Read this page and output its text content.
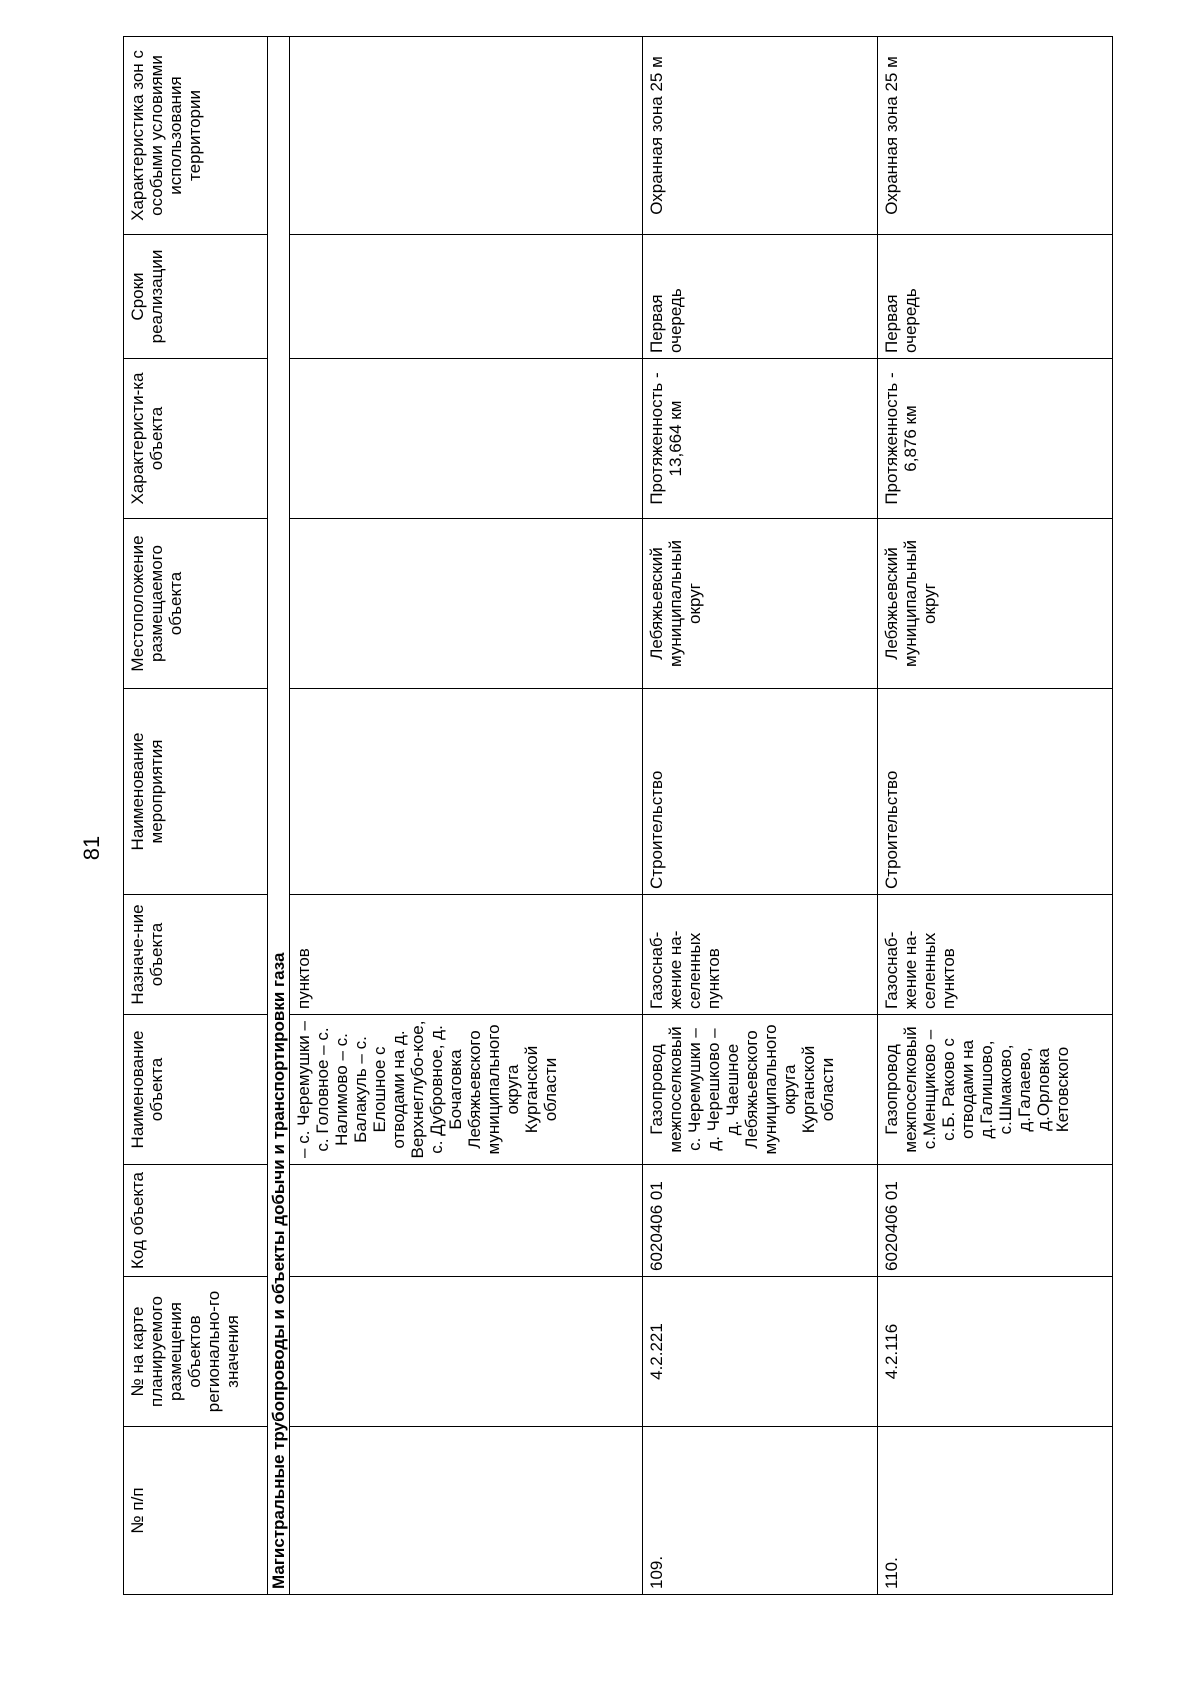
81
№ п/п	№ на карте планируемого размещения объектов регионально-го значения	Код объекта	Наименование объекта	Назначе-ние объекта	Наименование мероприятия	Местоположение размещаемого объекта	Характеристи-ка объекта	Сроки реализации	Характеристика зон с особыми условиями использования территории
Магистральные трубопроводы и объекты добычи и транспортировки газа									
			– с. Черемушки – с. Головное – с. Налимово – с. Балакуль – с. Елошное с отводами на д. Верхнеглубо-кое, с. Дубровное, д. Бочаговка Лебяжьевского муниципального округа Курганской области	пунктов					
109.	4.2.221	6020406 01	Газопровод межпоселковый с. Черемушки – д. Черешково – д. Чаешное Лебяжьевского муниципального округа Курганской области	Газоснаб-жение на-селенных пунктов	Строительство	Лебяжьевский муниципальный округ	Протяженность - 13,664 км	Первая очередь	Охранная зона 25 м
110.	4.2.116	6020406 01	Газопровод межпоселковый с.Менщиково – с.Б. Раково с отводами на д.Галишово, с.Шмаково, д.Галаево, д.Орловка Кетовского	Газоснаб-жение на-селенных пунктов	Строительство	Лебяжьевский муниципальный округ	Протяженность - 6,876 км	Первая очередь	Охранная зона 25 м
